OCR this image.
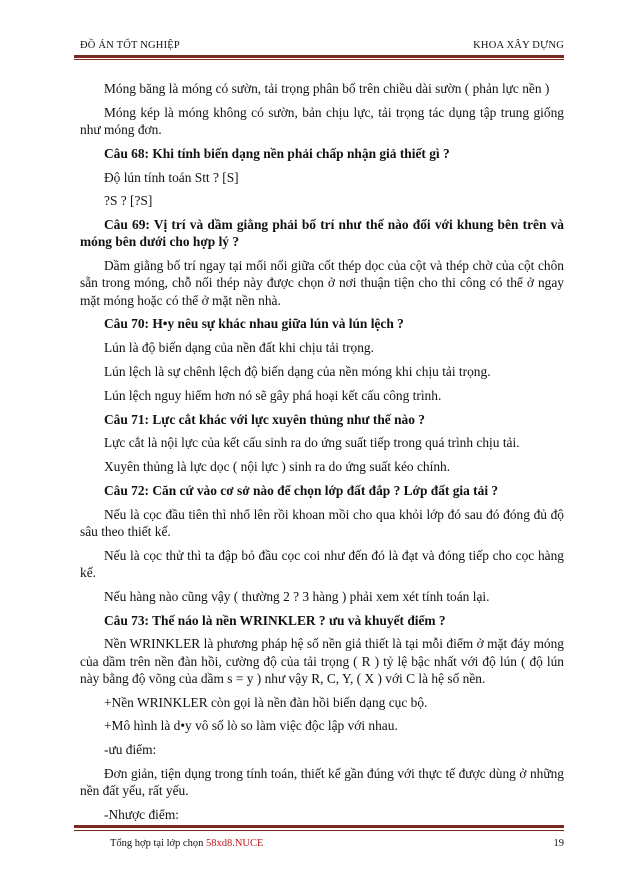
ĐỒ ÁN TỐT NGHIỆP	KHOA XÂY DỰNG

Móng băng là móng có sườn, tải trọng phân bố trên chiều dài sườn ( phản lực nền )

Móng kép là móng không có sườn, bản chịu lực, tải trọng tác dụng tập trung giống như móng đơn.

Câu 68: Khi tính biến dạng nền phải chấp nhận giả thiết gì ?

Độ lún tính toán Stt ? [S]

?S ? [?S]

Câu 69: Vị trí và dầm giằng phải bố trí như thế nào đối với khung bên trên và móng bên dưới cho hợp lý ?

Dầm giằng bố trí ngay tại mối nối giữa cốt thép dọc của cột và thép chờ của cột chôn sẵn trong móng, chỗ nối thép này được chọn ở nơi thuận tiện cho thi công có thể ở ngay mặt móng hoặc có thể ở mặt nền nhà.

Câu 70: H•y nêu sự khác nhau giữa lún và lún lệch ?

Lún là độ biến dạng của nền đất khi chịu tải trọng.

Lún lệch là sự chênh lệch độ biến dạng của nền móng khi chịu tải trọng.

Lún lệch nguy hiểm hơn nó sẽ gây phá hoại kết cấu công trình.

Câu 71: Lực cắt khác với lực xuyên thủng như thế nào ?

Lực cắt là nội lực của kết cấu sinh ra do ứng suất tiếp trong quá trình chịu tải.

Xuyên thủng là lực dọc ( nội lực ) sinh ra do ứng suất kéo chính.

Câu 72: Căn cứ vào cơ sở nào để chọn lớp đất đắp ? Lớp đất gia tải ?

Nếu là cọc đầu tiên thì nhổ lên rồi khoan mồi cho qua khỏi lớp đó sau đó đóng đủ độ sâu theo thiết kế.

Nếu là cọc thử thì ta đập bỏ đầu cọc coi như đến đó là đạt và đóng tiếp cho cọc hàng kế.

Nếu hàng nào cũng vậy ( thường 2 ? 3 hàng ) phải xem xét tính toán lại.

Câu 73: Thế náo là nền WRINKLER ? ưu và khuyết điểm ?

Nền WRINKLER là phương pháp hệ số nền giả thiết là tại mỗi điểm ở mặt đáy móng của dầm trên nền đàn hồi, cường độ của tải trọng ( R ) tỷ lệ bậc nhất với độ lún ( độ lún này bằng độ võng của dầm s = y ) như vậy R, C, Y, ( X ) với C là hệ số nền.

+Nền WRINKLER còn gọi là nền đàn hồi biến dạng cục bộ.

+Mô hình là d•y vô số lò so làm việc độc lập với nhau.

-ưu điểm:

Đơn giản, tiện dụng trong tính toán, thiết kế gần đúng với thực tế được dùng ở những nền đất yếu, rất yếu.

-Nhược điểm:

Tổng hợp tại lớp chọn 58xd8.NUCE	19
